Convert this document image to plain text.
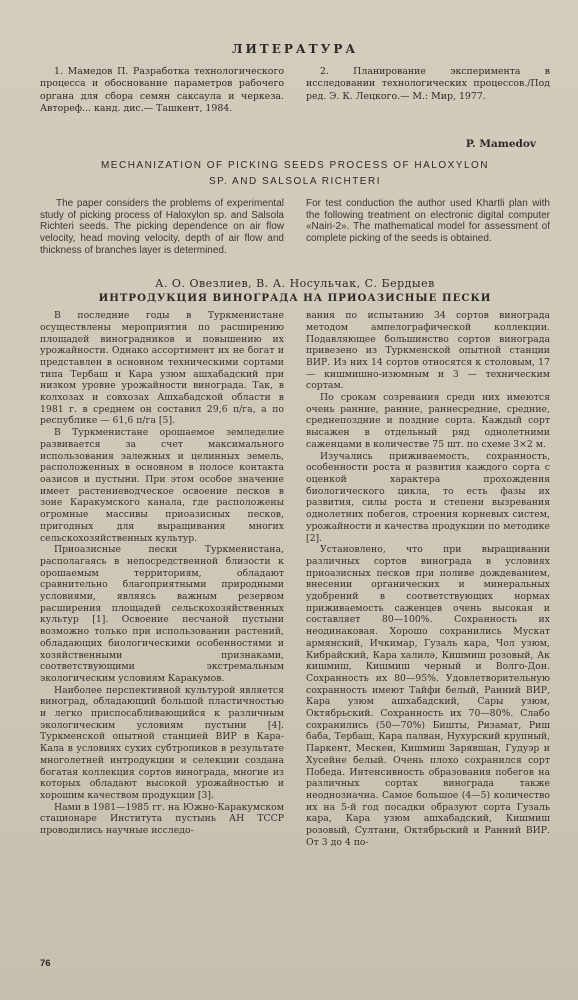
ЛИТЕРАТУРА
1. Мамедов П. Разработка технологического процесса и обоснование параметров рабочего органа для сбора семян саксаула и черкеза. Автореф... канд. дис.— Ташкент, 1984.
2. Планирование эксперимента в исследовании технологических процессов./Под ред. Э. К. Лецкого.— М.: Мир, 1977.
P. Mamedov
MECHANIZATION OF PICKING SEEDS PROCESS OF HALOXYLON
SP. AND SALSOLA RICHTERI
The paper considers the problems of experimental study of picking process of Haloxylon sp. and Salsola Richteri seeds. The picking dependence on air flow velocity, head moving velocity, depth of air flow and thickness of branches layer is determined.
For test conduction the author used Khartli plan with the following treatment on electronic digital computer «Nairi-2». The mathematical model for assessment of complete picking of the seeds is obtained.
А. О. Овезлиев, В. А. Носульчак, С. Бердыев
ИНТРОДУКЦИЯ ВИНОГРАДА НА ПРИОАЗИСНЫЕ ПЕСКИ

В последние годы в Туркменистане осуществлены мероприятия по расширению площадей виноградников и повышению их урожайности. Однако ассортимент их не богат и представлен в основном техническими сортами типа Тербаш и Кара узюм ашхабадский при низком уровне урожайности винограда. Так, в колхозах и совхозах Ашхабадской области в 1981 г. в среднем он составил 29,6 п/га, а по республике — 61,6 п/га [5].

В Туркменистане орошаемое земледелие развивается за счет максимального использования залежных и целинных земель, расположенных в основном в полосе контакта оазисов и пустыни. При этом особое значение имеет растениеводческое освоение песков в зоне Каракумского канала, где расположены огромные массивы приоазисных песков, пригодных для выращивания многих сельскохозяйственных культур.

Приоазисные пески Туркменистана, располагаясь в непосредственной близости к орошаемым территориям, обладают сравнительно благоприятными природными условиями, являясь важным резервом расширения площадей сельскохозяйственных культур [1]. Освоение песчаной пустыни возможно только при использовании растений, обладающих биологическими особенностями и хозяйственными признаками, соответствующими экстремальным экологическим условиям Каракумов.

Наиболее перспективной культурой является виноград, обладающий большой пластичностью и легко приспосабливающийся к различным экологическим условиям пустыни [4]. Туркменской опытной станцией ВИР в Кара-Кала в условиях сухих субтропиков в результате многолетней интродукции и селекции создана богатая коллекция сортов винограда, многие из которых обладают высокой урожайностью и хорошим качеством продукции [3].

Нами в 1981—1985 гг. на Южно-Каракумском стационаре Института пустынь АН ТССР проводились научные исследо-

вания по испытанию 34 сортов винограда методом ампелографической коллекции. Подавляющее большинство сортов винограда привезено из Туркменской опытной станции ВИР. Из них 14 сортов относятся к столовым, 17 — кишмишно-изюмным и 3 — техническим сортам.

По срокам созревания среди них имеются очень ранние, ранние, раннесредние, средние, среднепоздние и поздние сорта. Каждый сорт высажен в отдельный ряд однолетними саженцами в количестве 75 шт. по схеме 3×2 м.

Изучались приживаемость, сохранность, особенности роста и развития каждого сорта с оценкой характера прохождения биологического цикла, то есть фазы их развития, силы роста и степени вызревания однолетних побегов, строения корневых систем, урожайности и качества продукции по методике [2].

Установлено, что при выращивании различных сортов винограда в условиях приоазисных песков при поливе дождеванием, внесении органических и минеральных удобрений в соответствующих нормах приживаемость саженцев очень высокая и составляет 80—100%. Сохранность их неодинаковая. Хорошо сохранились Мускат армянский, Ичкимар, Гузаль кара, Чол узюм, Кибрайский, Кара халилə, Кишмиш розовый, Ак кишмиш, Кишмиш черный и Волго-Дон. Сохранность их 80—95%. Удовлетворительную сохранность имеют Тайфи белый, Ранний ВИР, Кара узюм ашхабадский, Сары узюм, Октябрьский. Сохранность их 70—80%. Слабо сохранились (50—70%) Бишты, Ризамат, Риш баба, Тербаш, Кара палван, Нухурский крупный, Паркент, Мескеи, Кишмиш Зарявшан, Гудуэр и Хусейне белый. Очень плохо сохранился сорт Победа. Интенсивность образования побегов на различных сортах винограда также неоднозначна. Самое большое (4—5) количество их на 5-й год посадки образуют сорта Гузаль кара, Кара узюм ашхабадский, Кишмиш розовый, Султани, Октябрьский и Ранний ВИР. От 3 до 4 по-

76
